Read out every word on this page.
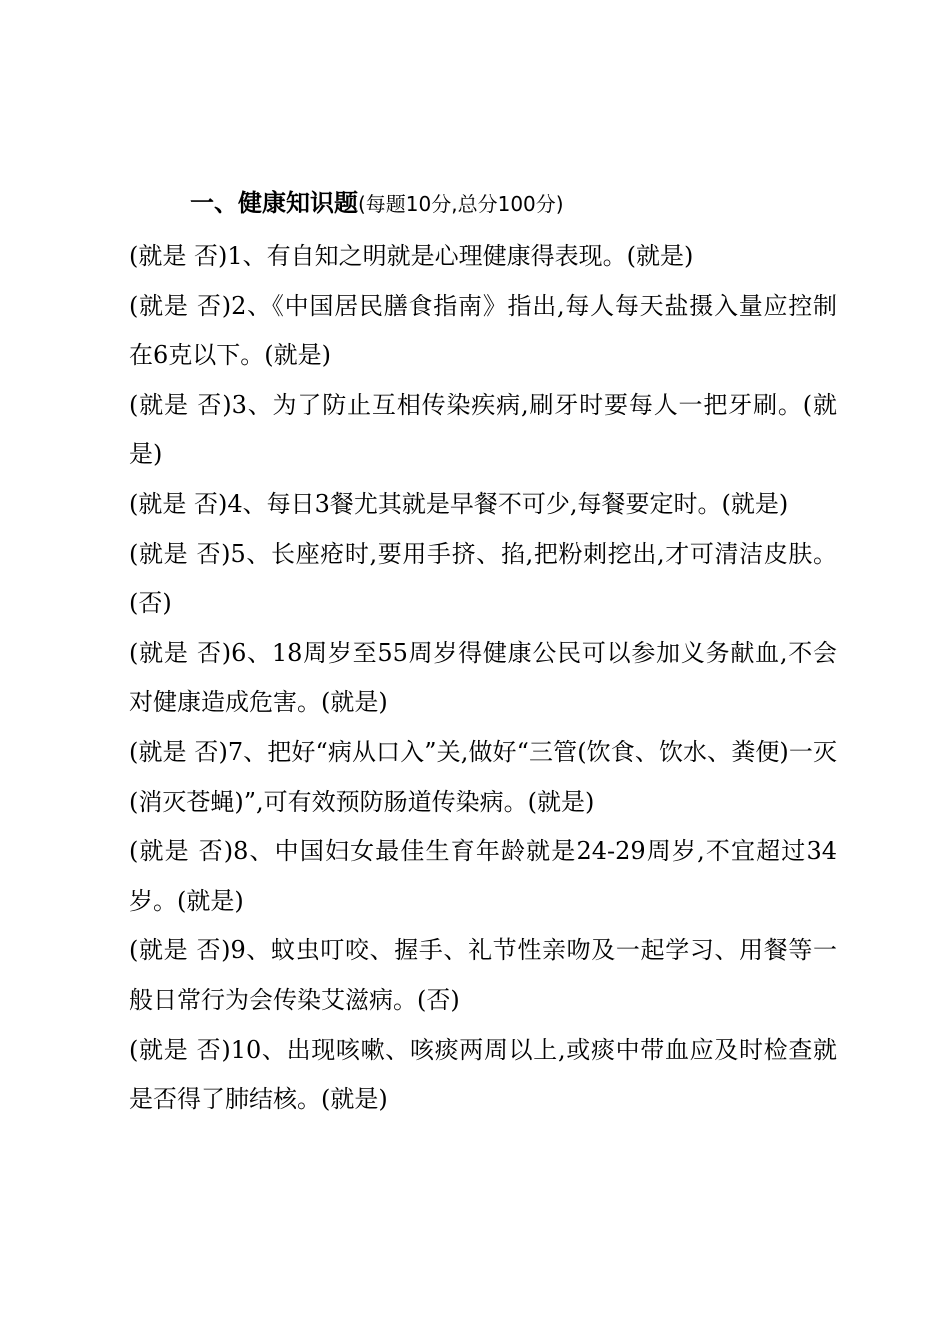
一、健康知识题(每题10分,总分100分)

(就是 否)1、有自知之明就是心理健康得表现。(就是)

(就是 否)2、《中国居民膳食指南》指出,每人每天盐摄入量应控制在6克以下。(就是)

(就是 否)3、为了防止互相传染疾病,刷牙时要每人一把牙刷。(就是)

(就是 否)4、每日3餐尤其就是早餐不可少,每餐要定时。(就是)

(就是 否)5、长座疮时,要用手挤、掐,把粉刺挖出,才可清洁皮肤。(否)

(就是 否)6、18周岁至55周岁得健康公民可以参加义务献血,不会对健康造成危害。(就是)

(就是 否)7、把好“病从口入”关,做好“三管(饮食、饮水、粪便)一灭(消灭苍蝇)”,可有效预防肠道传染病。(就是)

(就是 否)8、中国妇女最佳生育年龄就是24-29周岁,不宜超过34岁。(就是)

(就是 否)9、蚊虫叮咬、握手、礼节性亲吻及一起学习、用餐等一般日常行为会传染艾滋病。(否)

(就是 否)10、出现咳嗽、咳痰两周以上,或痰中带血应及时检查就是否得了肺结核。(就是)
